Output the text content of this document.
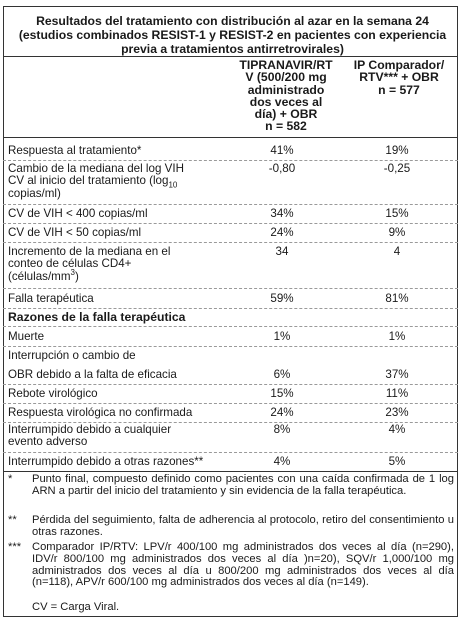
Resultados del tratamiento con distribución al azar en la semana 24 (estudios combinados RESIST-1 y RESIST-2 en pacientes con experiencia previa a tratamientos antirretrovirales)
TIPRANAVIR/RT
V (500/200 mg
administrado
dos veces al
día) + OBR
n = 582
IP Comparador/
RTV*** + OBR
n = 577
Respuesta al tratamiento*	41%	19%
Cambio de la mediana del log VIH
CV al inicio del tratamiento ($\log_{10}$
copias/ml)
-0,80	-0,25
CV de VIH < 400 copias/ml	34%	15%
CV de VIH < 50 copias/ml	24%	9%
Incremento de la mediana en el
conteo de células CD4+
$(células/mm^3)$
34	4
Falla terapéutica	59%	81%
Razones de la falla terapéutica
Muerte	1%	1%
Interrupción o cambio de
OBR debido a la falta de eficacia	6%	37%
Rebote virológico	15%	11%
Respuesta virológica no confirmada	24%	23%
Interrumpido debido a cualquier
evento adverso
8%	4%
Interrumpido debido a otras razones**	4%	5%
*	Punto final, compuesto definido como pacientes con una caída confirmada de 1 log ARN a partir del inicio del tratamiento y sin evidencia de la falla terapéutica.
**	Pérdida del seguimiento, falta de adherencia al protocolo, retiro del consentimiento u otras razones.
*** Comparador IP/RTV: LPV/r 400/100 mg administrados dos veces al día (n=290), IDV/r 800/100 mg administrados dos veces al día )n=20), SQV/r 1,000/100 mg administrados dos veces al día u 800/200 mg administrados dos veces al día (n=118), APV/r 600/100 mg administrados dos veces al día (n=149).
CV = Carga Viral.
